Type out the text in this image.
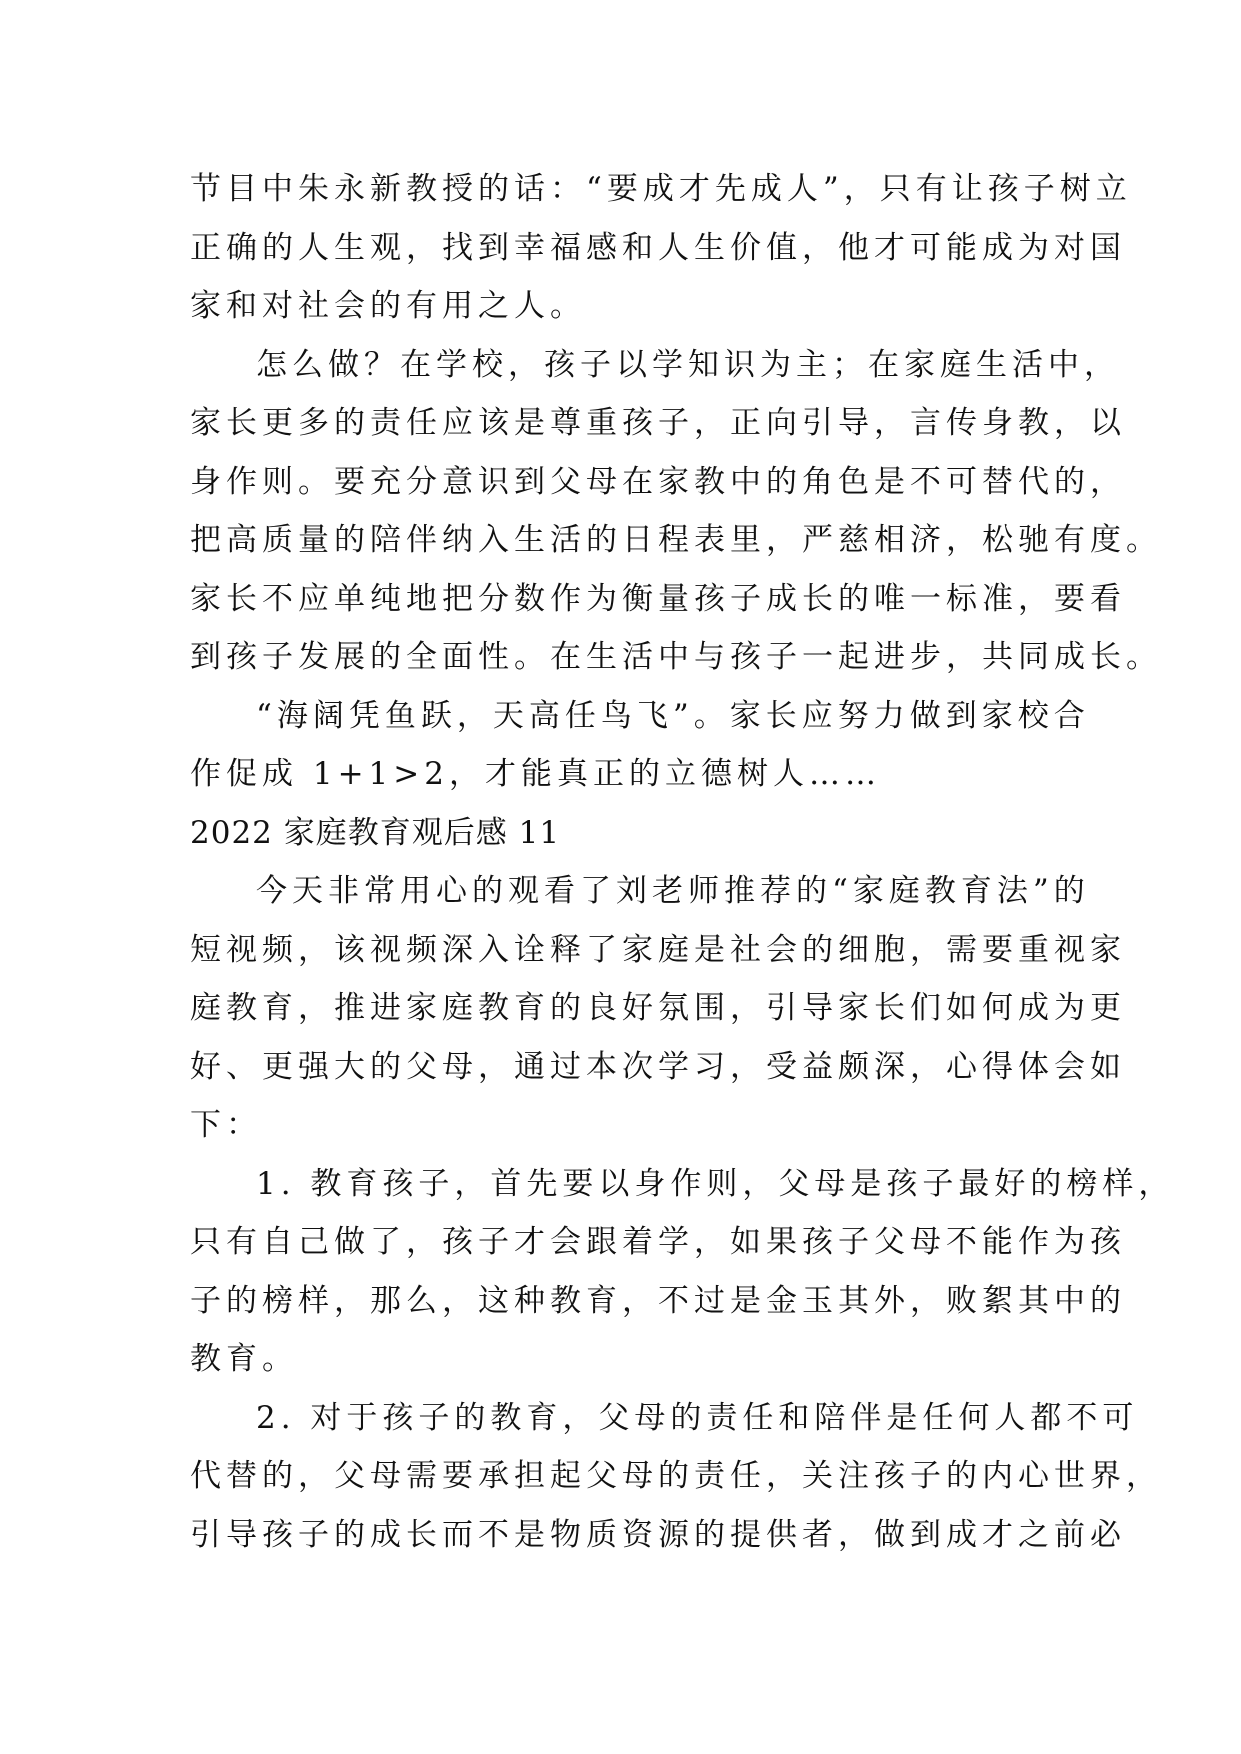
节目中朱永新教授的话：“要成才先成人”，只有让孩子树立
正确的人生观，找到幸福感和人生价值，他才可能成为对国
家和对社会的有用之人。
怎么做？在学校，孩子以学知识为主；在家庭生活中，
家长更多的责任应该是尊重孩子，正向引导，言传身教，以
身作则。要充分意识到父母在家教中的角色是不可替代的，
把高质量的陪伴纳入生活的日程表里，严慈相济，松驰有度。
家长不应单纯地把分数作为衡量孩子成长的唯一标准，要看
到孩子发展的全面性。在生活中与孩子一起进步，共同成长。
“海阔凭鱼跃，天高任鸟飞”。家长应努力做到家校合
作促成 1+1>2，才能真正的立德树人……
2022 家庭教育观后感 11
今天非常用心的观看了刘老师推荐的“家庭教育法”的
短视频，该视频深入诠释了家庭是社会的细胞，需要重视家
庭教育，推进家庭教育的良好氛围，引导家长们如何成为更
好、更强大的父母，通过本次学习，受益颇深，心得体会如
下：
1. 教育孩子，首先要以身作则，父母是孩子最好的榜样，
只有自己做了，孩子才会跟着学，如果孩子父母不能作为孩
子的榜样，那么，这种教育，不过是金玉其外，败絮其中的
教育。
2. 对于孩子的教育，父母的责任和陪伴是任何人都不可
代替的，父母需要承担起父母的责任，关注孩子的内心世界，
引导孩子的成长而不是物质资源的提供者，做到成才之前必
